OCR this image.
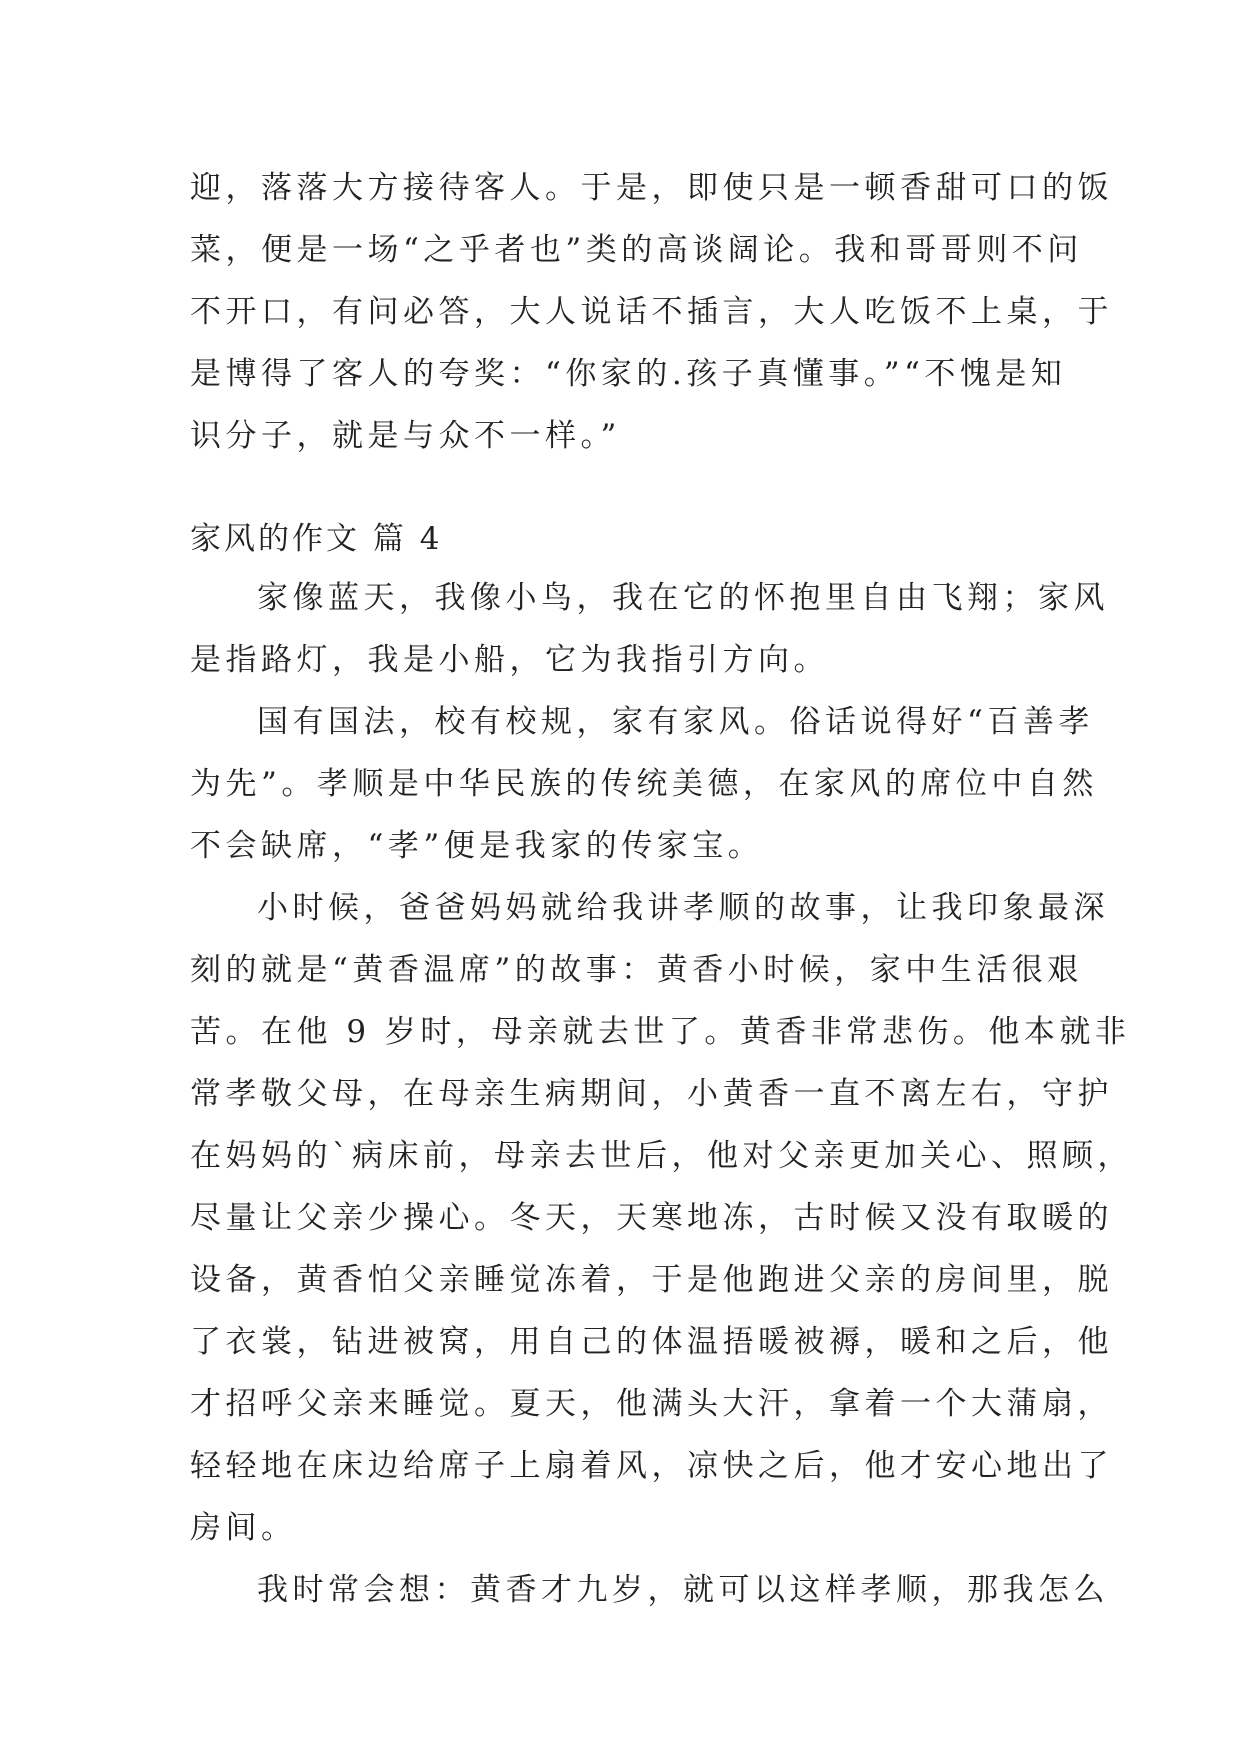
迎，落落大方接待客人。于是，即使只是一顿香甜可口的饭
菜，便是一场“之乎者也”类的高谈阔论。我和哥哥则不问
不开口，有问必答，大人说话不插言，大人吃饭不上桌，于
是博得了客人的夸奖：“你家的.孩子真懂事。”“不愧是知
识分子，就是与众不一样。”
家风的作文 篇 4
家像蓝天，我像小鸟，我在它的怀抱里自由飞翔；家风
是指路灯，我是小船，它为我指引方向。
国有国法，校有校规，家有家风。俗话说得好“百善孝
为先”。孝顺是中华民族的传统美德，在家风的席位中自然
不会缺席，“孝”便是我家的传家宝。
小时候，爸爸妈妈就给我讲孝顺的故事，让我印象最深
刻的就是“黄香温席”的故事：黄香小时候，家中生活很艰
苦。在他 9 岁时，母亲就去世了。黄香非常悲伤。他本就非
常孝敬父母，在母亲生病期间，小黄香一直不离左右，守护
在妈妈的`病床前，母亲去世后，他对父亲更加关心、照顾，
尽量让父亲少操心。冬天，天寒地冻，古时候又没有取暖的
设备，黄香怕父亲睡觉冻着，于是他跑进父亲的房间里，脱
了衣裳，钻进被窝，用自己的体温捂暖被褥，暖和之后，他
才招呼父亲来睡觉。夏天，他满头大汗，拿着一个大蒲扇，
轻轻地在床边给席子上扇着风，凉快之后，他才安心地出了
房间。
我时常会想：黄香才九岁，就可以这样孝顺，那我怎么
